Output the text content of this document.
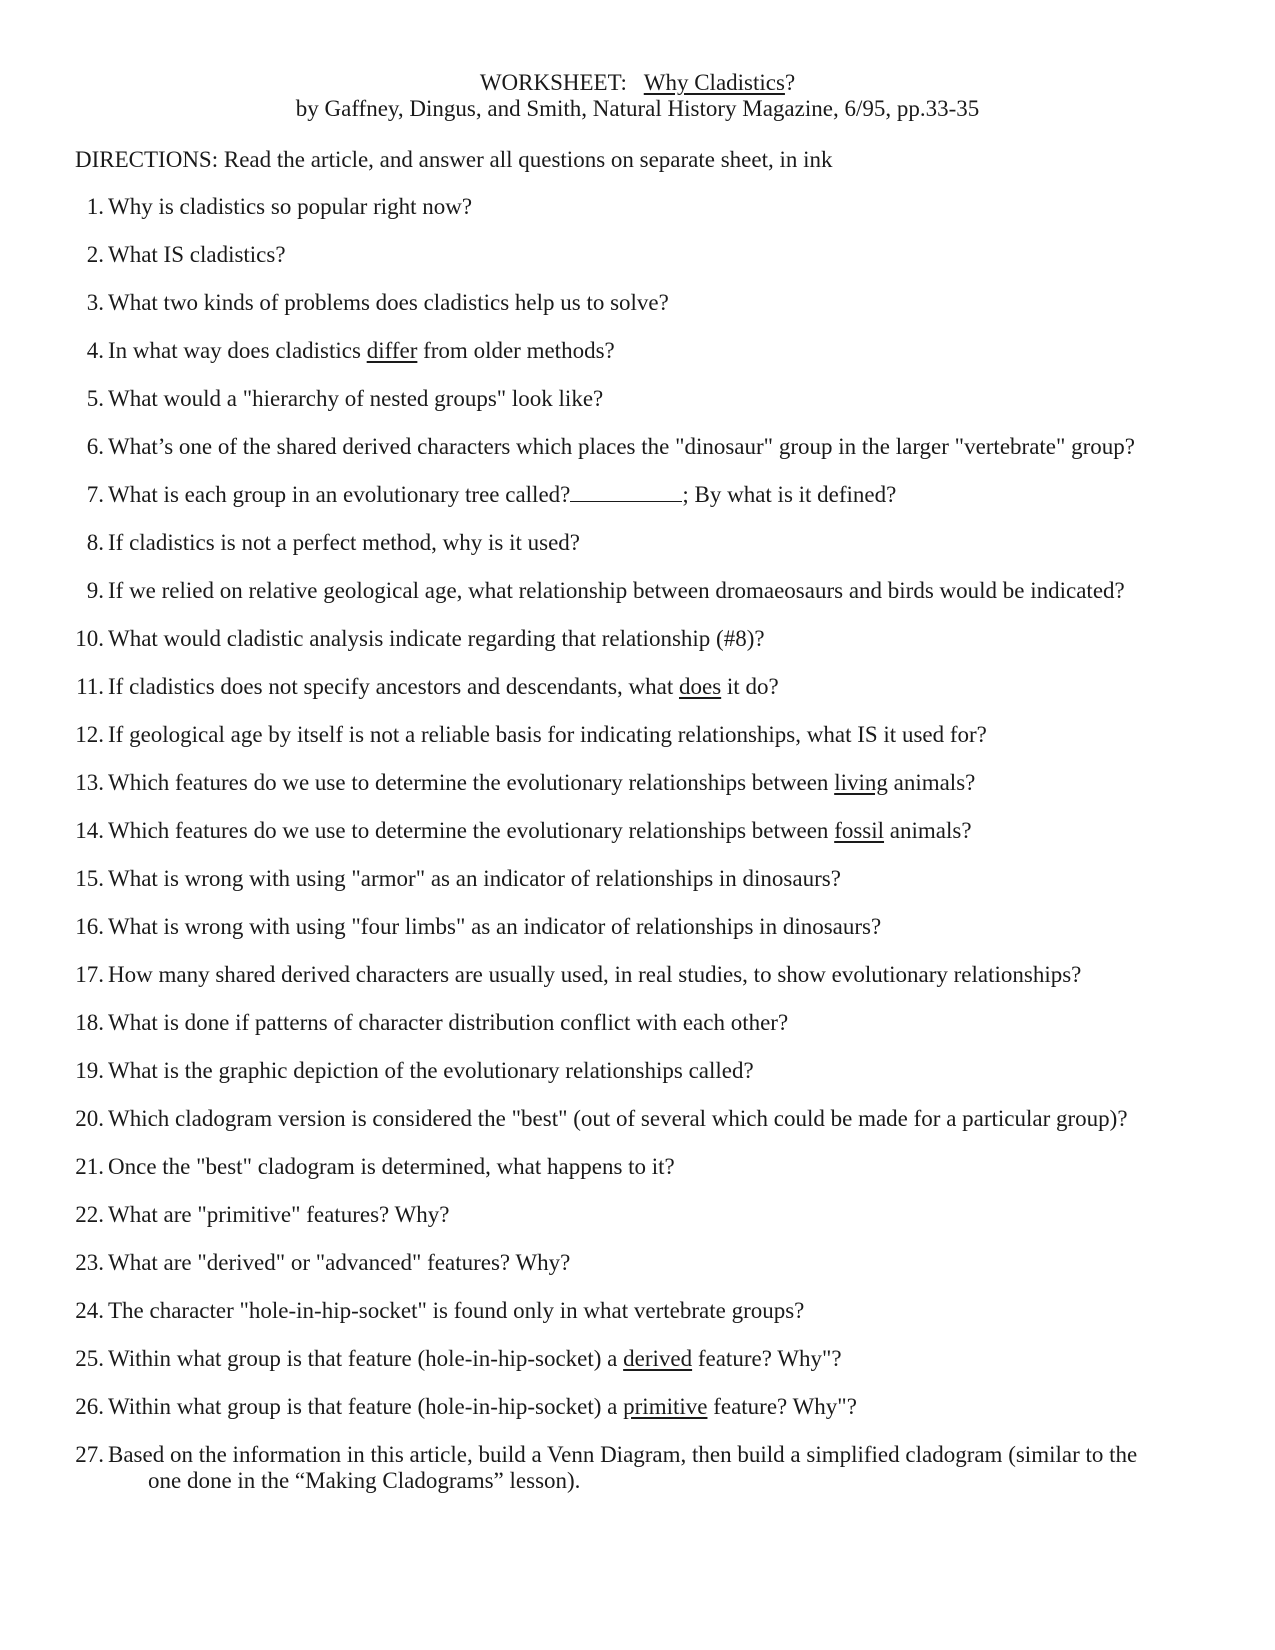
WORKSHEET: Why Cladistics?
by Gaffney, Dingus, and Smith, Natural History Magazine, 6/95, pp.33-35
DIRECTIONS: Read the article, and answer all questions on separate sheet, in ink
1. Why is cladistics so popular right now?
2. What IS cladistics?
3. What two kinds of problems does cladistics help us to solve?
4. In what way does cladistics differ from older methods?
5. What would a "hierarchy of nested groups" look like?
6. What’s one of the shared derived characters which places the "dinosaur" group in the larger "vertebrate" group?
7. What is each group in an evolutionary tree called?	; By what is it defined?
8. If cladistics is not a perfect method, why is it used?
9. If we relied on relative geological age, what relationship between dromaeosaurs and birds would be indicated?
10. What would cladistic analysis indicate regarding that relationship (#8)?
11. If cladistics does not specify ancestors and descendants, what does it do?
12. If geological age by itself is not a reliable basis for indicating relationships, what IS it used for?
13. Which features do we use to determine the evolutionary relationships between living animals?
14. Which features do we use to determine the evolutionary relationships between fossil animals?
15. What is wrong with using "armor" as an indicator of relationships in dinosaurs?
16. What is wrong with using "four limbs" as an indicator of relationships in dinosaurs?
17. How many shared derived characters are usually used, in real studies, to show evolutionary relationships?
18. What is done if patterns of character distribution conflict with each other?
19. What is the graphic depiction of the evolutionary relationships called?
20. Which cladogram version is considered the "best" (out of several which could be made for a particular group)?
21. Once the "best" cladogram is determined, what happens to it?
22. What are "primitive" features? Why?
23. What are "derived" or "advanced" features? Why?
24. The character "hole-in-hip-socket" is found only in what vertebrate groups?
25. Within what group is that feature (hole-in-hip-socket) a derived feature? Why"?
26. Within what group is that feature (hole-in-hip-socket) a primitive feature? Why"?
27. Based on the information in this article, build a Venn Diagram, then build a simplified cladogram (similar to the
one done in the “Making Cladograms” lesson).
